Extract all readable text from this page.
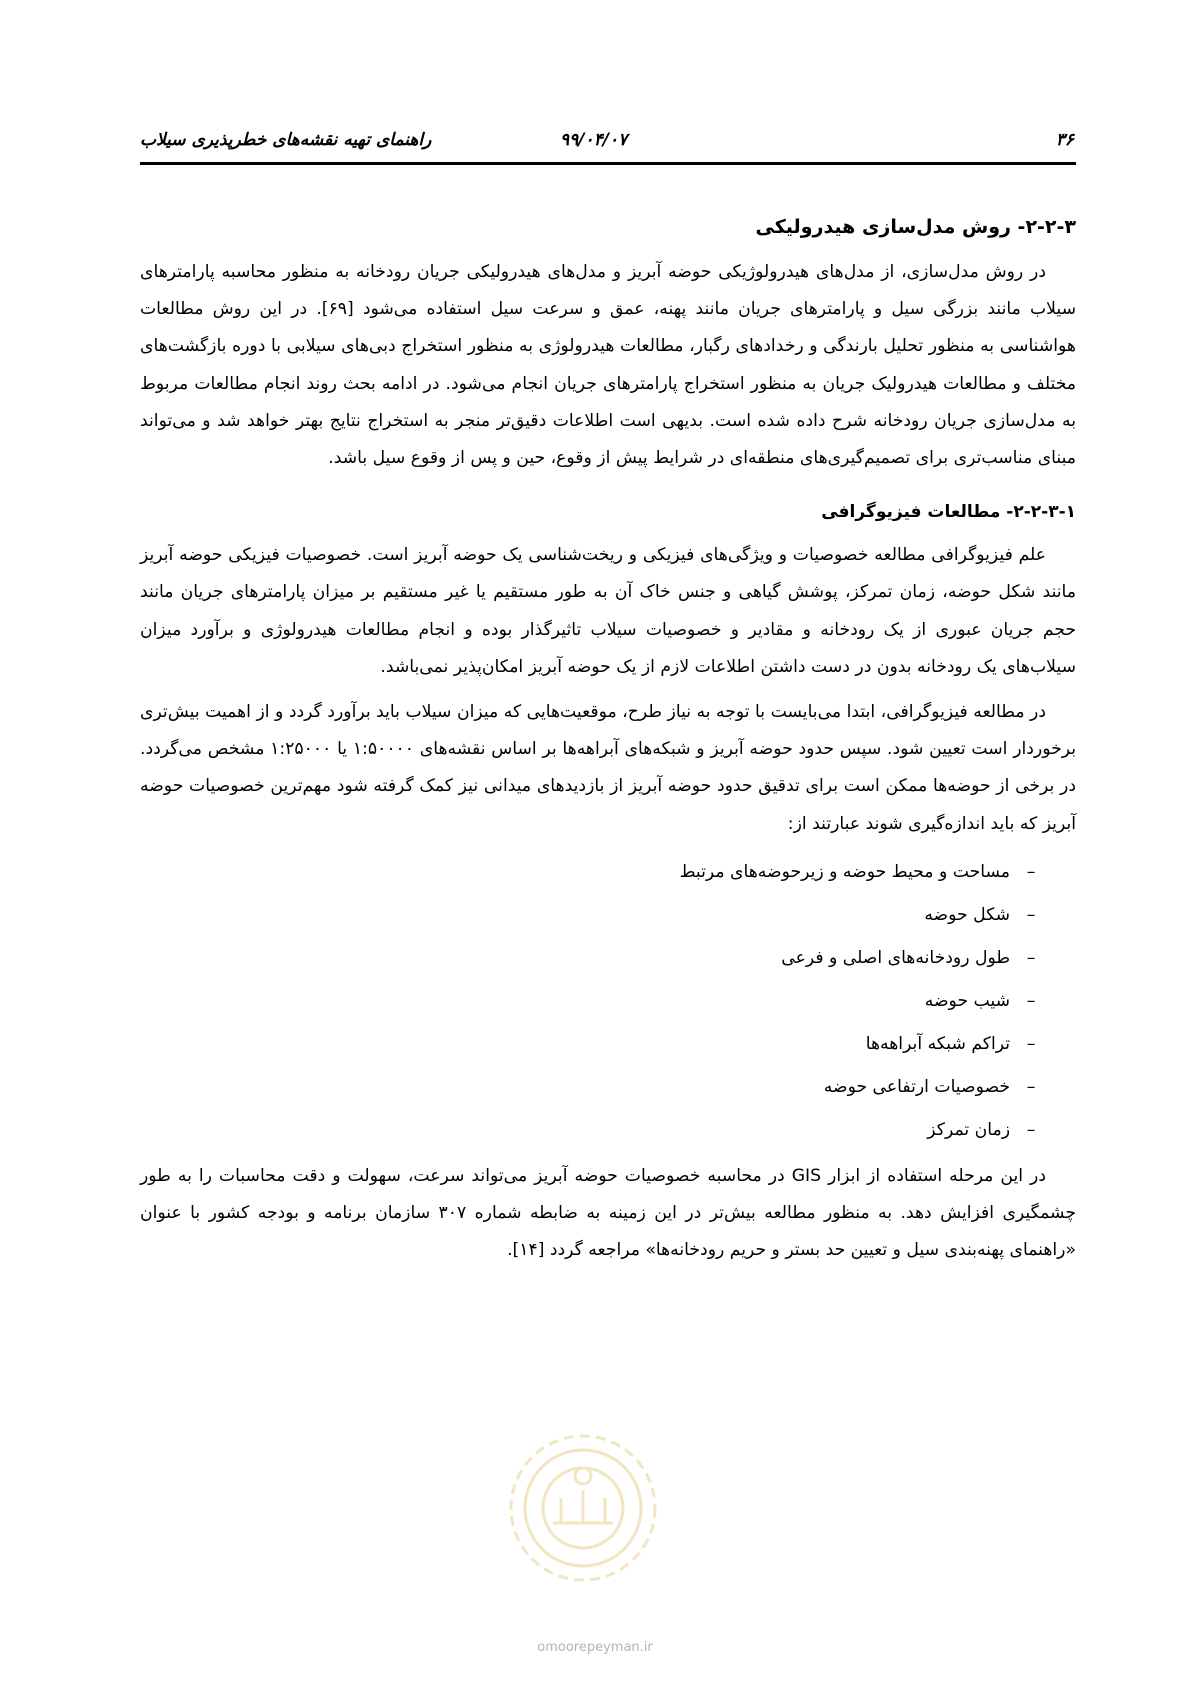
۳۶
۹۹/۰۴/۰۷
راهنمای تهیه نقشه‌های خطرپذیری سیلاب
۲-۲-۳- روش مدل‌سازی هیدرولیکی

در روش مدل‌سازی، از مدل‌های هیدرولوژیکی حوضه آبریز و مدل‌های هیدرولیکی جریان رودخانه به منظور محاسبه پارامترهای سیلاب مانند بزرگی سیل و پارامترهای جریان مانند پهنه، عمق و سرعت سیل استفاده می‌شود [۶۹]. در این روش مطالعات هواشناسی به منظور تحلیل بارندگی و رخدادهای رگبار، مطالعات هیدرولوژی به منظور استخراج دبی‌های سیلابی با دوره بازگشت‌های مختلف و مطالعات هیدرولیک جریان به منظور استخراج پارامترهای جریان انجام می‌شود. در ادامه بحث روند انجام مطالعات مربوط به مدل‌سازی جریان رودخانه شرح داده شده است. بدیهی است اطلاعات دقیق‌تر منجر به استخراج نتایج بهتر خواهد شد و می‌تواند مبنای مناسب‌تری برای تصمیم‌گیری‌های منطقه‌ای در شرایط پیش از وقوع، حین و پس از وقوع سیل باشد.

۲-۲-۳-۱- مطالعات فیزیوگرافی

علم فیزیوگرافی مطالعه خصوصیات و ویژگی‌های فیزیکی و ریخت‌شناسی یک حوضه آبریز است. خصوصیات فیزیکی حوضه آبریز مانند شکل حوضه، زمان تمرکز، پوشش گیاهی و جنس خاک آن به طور مستقیم یا غیر مستقیم بر میزان پارامترهای جریان مانند حجم جریان عبوری از یک رودخانه و مقادیر و خصوصیات سیلاب تاثیرگذار بوده و انجام مطالعات هیدرولوژی و برآورد میزان سیلاب‌های یک رودخانه بدون در دست داشتن اطلاعات لازم از یک حوضه آبریز امکان‌پذیر نمی‌باشد.

در مطالعه فیزیوگرافی، ابتدا می‌بایست با توجه به نیاز طرح، موقعیت‌هایی که میزان سیلاب باید برآورد گردد و از اهمیت بیش‌تری برخوردار است تعیین شود. سپس حدود حوضه آبریز و شبکه‌های آبراهه‌ها بر اساس نقشه‌های ۱:۵۰۰۰۰ یا ۱:۲۵۰۰۰ مشخص می‌گردد. در برخی از حوضه‌ها ممکن است برای تدقیق حدود حوضه آبریز از بازدیدهای میدانی نیز کمک گرفته شود مهم‌ترین خصوصیات حوضه آبریز که باید اندازه‌گیری شوند عبارتند از:

–
مساحت و محیط حوضه و زیرحوضه‌های مرتبط
–
شکل حوضه
–
طول رودخانه‌های اصلی و فرعی
–
شیب حوضه
–
تراکم شبکه آبراهه‌ها
–
خصوصیات ارتفاعی حوضه
–
زمان تمرکز

در این مرحله استفاده از ابزار GIS در محاسبه خصوصیات حوضه آبریز می‌تواند سرعت، سهولت و دقت محاسبات را به طور چشمگیری افزایش دهد. به منظور مطالعه بیش‌تر در این زمینه به ضابطه شماره ۳۰۷ سازمان برنامه و بودجه کشور با عنوان «راهنمای پهنه‌بندی سیل و تعیین حد بستر و حریم رودخانه‌ها» مراجعه گردد [۱۴].

omoorepeyman.ir
